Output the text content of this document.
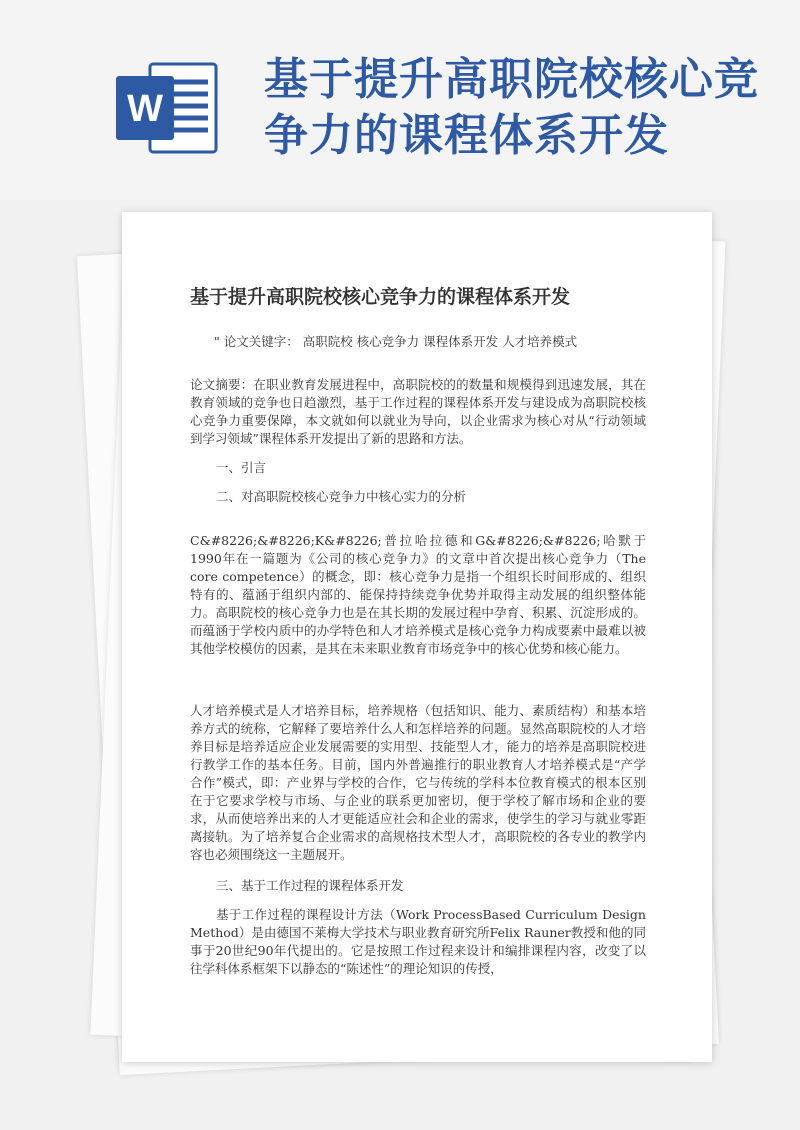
W
基于提升高职院校核心竞争力的课程体系开发
基于提升高职院校核心竞争力的课程体系开发
" 论文关键字： 高职院校 核心竞争力 课程体系开发 人才培养模式
论文摘要：在职业教育发展进程中，高职院校的的数量和规模得到迅速发展，其在教育领域的竞争也日趋激烈，基于工作过程的课程体系开发与建设成为高职院校核心竞争力重要保障，本文就如何以就业为导向，以企业需求为核心对从“行动领域到学习领域”课程体系开发提出了新的思路和方法。
一、引言
二、对高职院校核心竞争力中核心实力的分析
C&#8226;&#8226;K&#8226;普拉哈拉德和G&#8226;&#8226;哈默于1990年在一篇题为《公司的核心竞争力》的文章中首次提出核心竞争力（The core competence）的概念，即：核心竞争力是指一个组织长时间形成的、组织特有的、蕴涵于组织内部的、能保持持续竞争优势并取得主动发展的组织整体能力。高职院校的核心竞争力也是在其长期的发展过程中孕育、积累、沉淀形成的。而蕴涵于学校内质中的办学特色和人才培养模式是核心竞争力构成要素中最难以被其他学校模仿的因素，是其在未来职业教育市场竞争中的核心优势和核心能力。
人才培养模式是人才培养目标，培养规格（包括知识、能力、素质结构）和基本培养方式的统称，它解释了要培养什么人和怎样培养的问题。显然高职院校的人才培养目标是培养适应企业发展需要的实用型、技能型人才，能力的培养是高职院校进行教学工作的基本任务。目前，国内外普遍推行的职业教育人才培养模式是“产学合作”模式，即：产业界与学校的合作，它与传统的学科本位教育模式的根本区别在于它要求学校与市场、与企业的联系更加密切，便于学校了解市场和企业的要求，从而使培养出来的人才更能适应社会和企业的需求，使学生的学习与就业零距离接轨。为了培养复合企业需求的高规格技术型人才，高职院校的各专业的教学内容也必须围绕这一主题展开。
三、基于工作过程的课程体系开发
基于工作过程的课程设计方法（Work ProcessBased Curriculum Design Method）是由德国不莱梅大学技术与职业教育研究所Felix Rauner教授和他的同事于20世纪90年代提出的。它是按照工作过程来设计和编排课程内容，改变了以往学科体系框架下以静态的“陈述性”的理论知识的传授，
